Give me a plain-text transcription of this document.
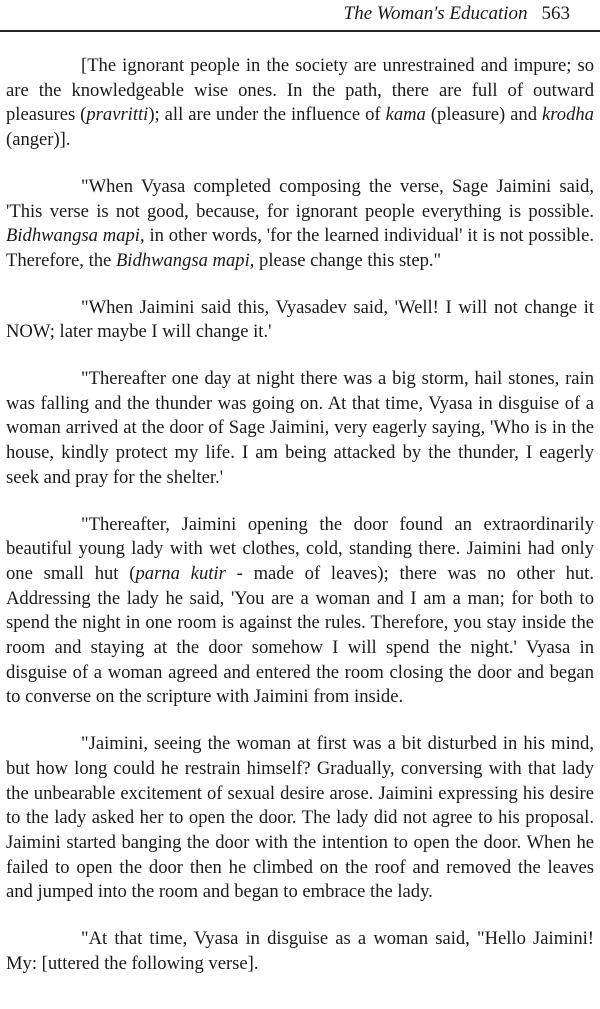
The Woman's Education 563

[The ignorant people in the society are unrestrained and impure; so are the knowledgeable wise ones. In the path, there are full of outward pleasures (pravritti); all are under the influence of kama (pleasure) and krodha (anger)].

"When Vyasa completed composing the verse, Sage Jaimini said, 'This verse is not good, because, for ignorant people everything is possible. Bidhwangsa mapi, in other words, 'for the learned individual' it is not possible. Therefore, the Bidhwangsa mapi, please change this step."

"When Jaimini said this, Vyasadev said, 'Well! I will not change it NOW; later maybe I will change it.'

"Thereafter one day at night there was a big storm, hail stones, rain was falling and the thunder was going on. At that time, Vyasa in disguise of a woman arrived at the door of Sage Jaimini, very eagerly saying, 'Who is in the house, kindly protect my life. I am being attacked by the thunder, I eagerly seek and pray for the shelter.'

"Thereafter, Jaimini opening the door found an extraordinarily beautiful young lady with wet clothes, cold, standing there. Jaimini had only one small hut (parna kutir - made of leaves); there was no other hut. Addressing the lady he said, 'You are a woman and I am a man; for both to spend the night in one room is against the rules. Therefore, you stay inside the room and staying at the door somehow I will spend the night.' Vyasa in disguise of a woman agreed and entered the room closing the door and began to converse on the scripture with Jaimini from inside.

"Jaimini, seeing the woman at first was a bit disturbed in his mind, but how long could he restrain himself? Gradually, conversing with that lady the unbearable excitement of sexual desire arose. Jaimini expressing his desire to the lady asked her to open the door. The lady did not agree to his proposal. Jaimini started banging the door with the intention to open the door. When he failed to open the door then he climbed on the roof and removed the leaves and jumped into the room and began to embrace the lady.

"At that time, Vyasa in disguise as a woman said, "Hello Jaimini! My: [uttered the following verse].
